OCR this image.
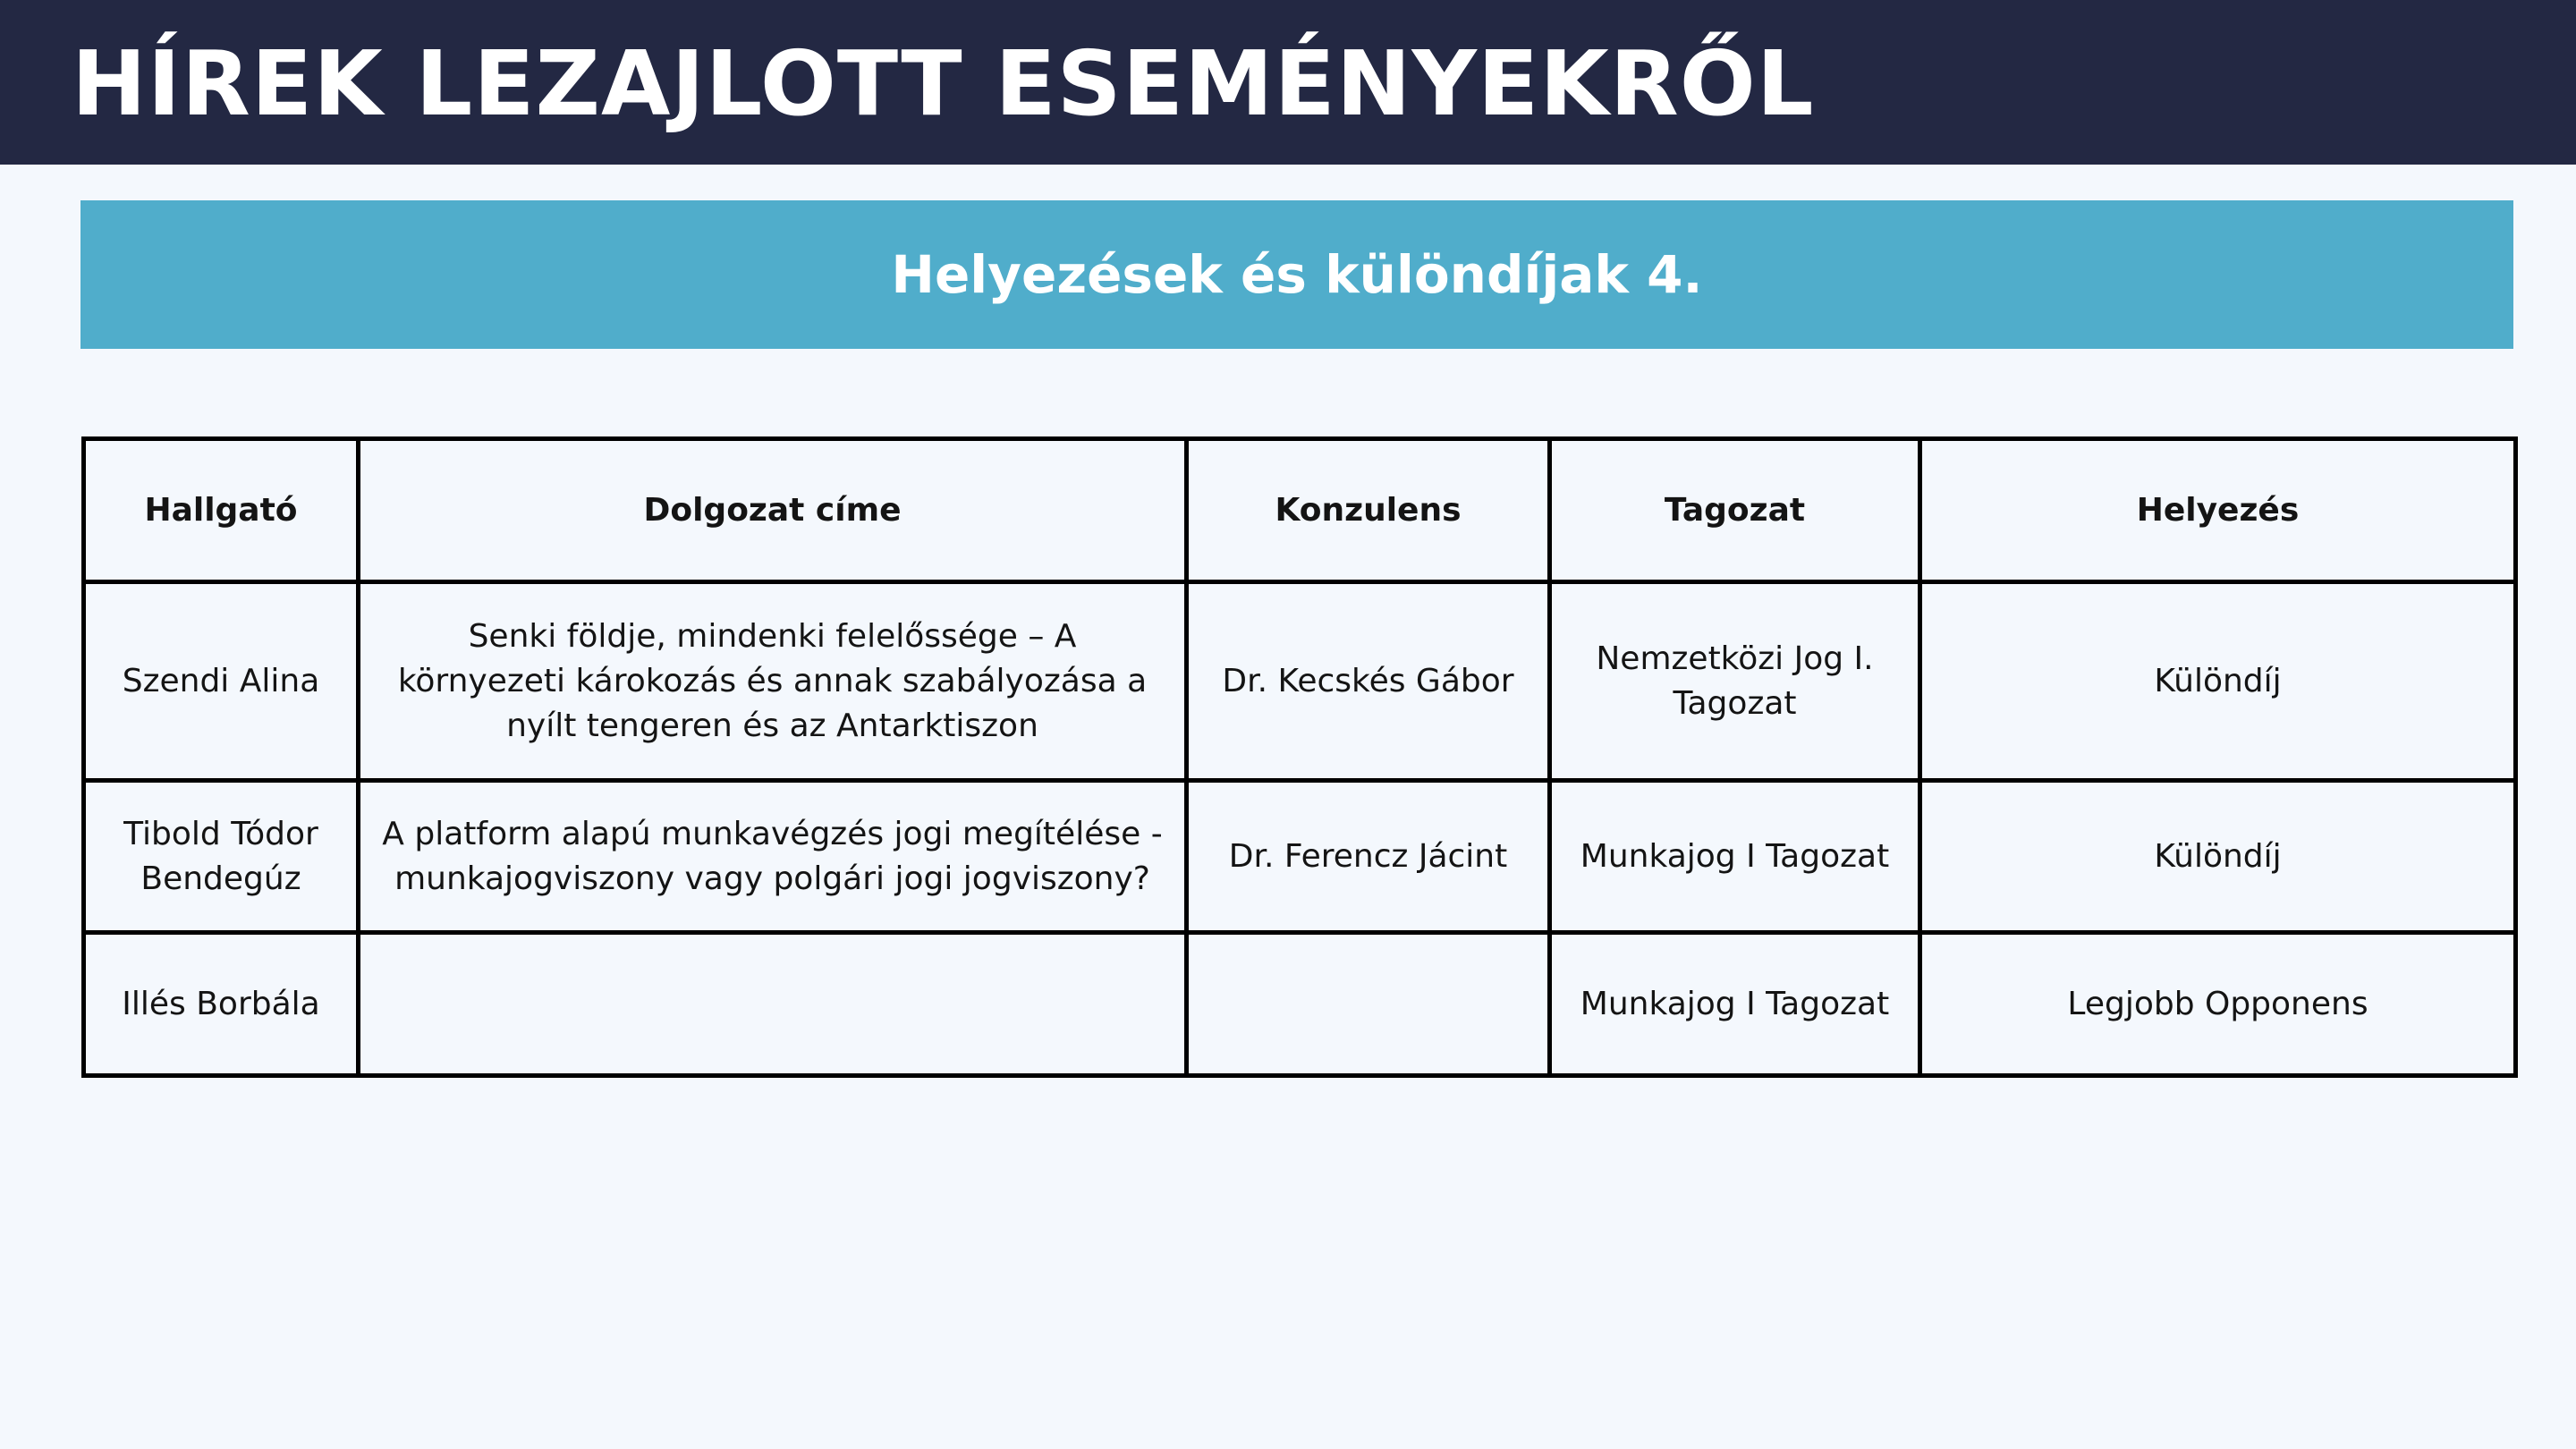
HÍREK LEZAJLOTT ESEMÉNYEKRŐL
Helyezések és különdíjak 4.
Hallgató	Dolgozat címe	Konzulens	Tagozat	Helyezés
Szendi Alina	Senki földje, mindenki felelőssége – A környezeti károkozás és annak szabályozása a nyílt tengeren és az Antarktiszon	Dr. Kecskés Gábor	Nemzetközi Jog I. Tagozat	Különdíj
Tibold Tódor Bendegúz	A platform alapú munkavégzés jogi megítélése - munkajogviszony vagy polgári jogi jogviszony?	Dr. Ferencz Jácint	Munkajog I Tagozat	Különdíj
Illés Borbála			Munkajog I Tagozat	Legjobb Opponens
